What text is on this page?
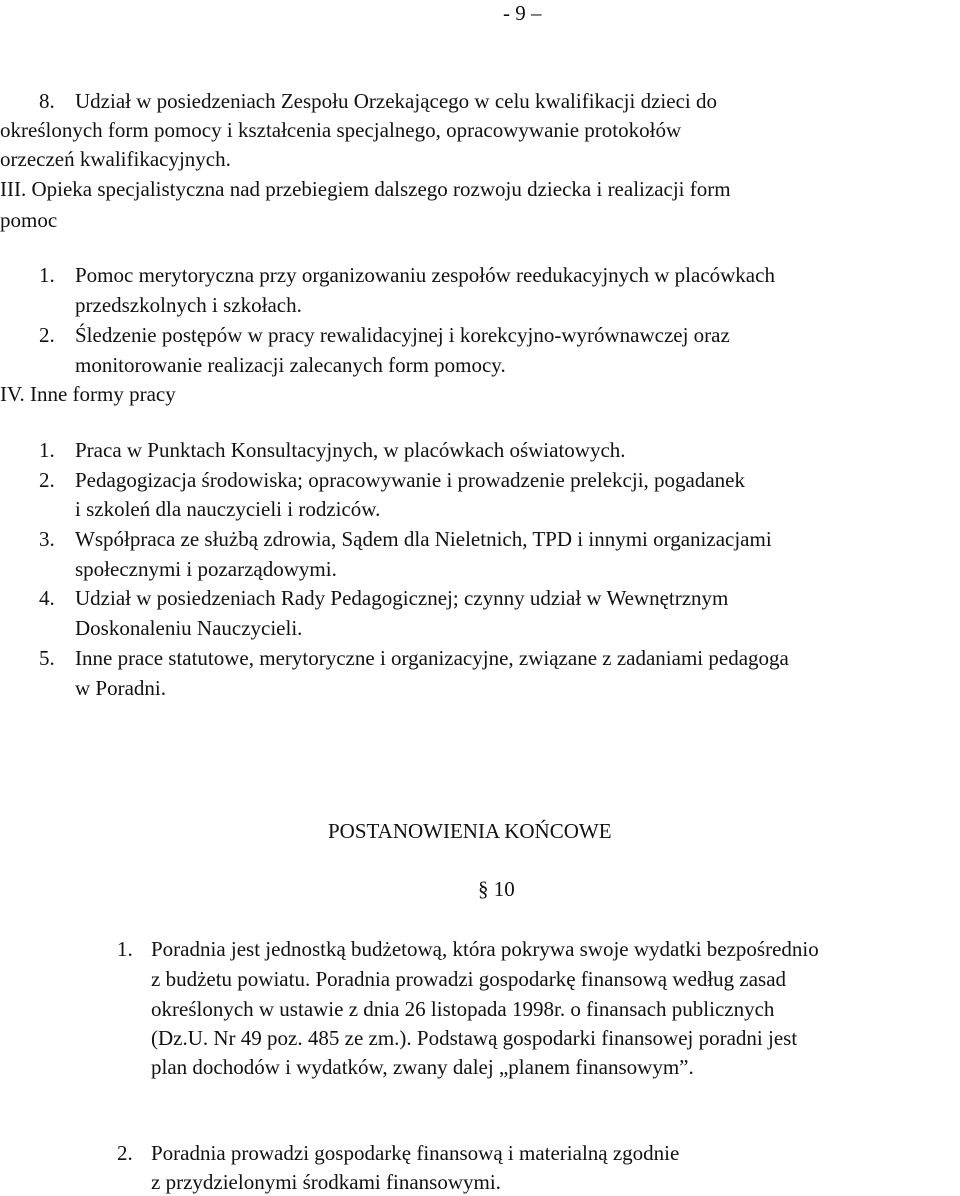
- 9 –
8. Udział w posiedzeniach Zespołu Orzekającego w celu kwalifikacji dzieci do
określonych form pomocy i kształcenia specjalnego, opracowywanie protokołów
orzeczeń kwalifikacyjnych.
III. Opieka specjalistyczna nad przebiegiem dalszego rozwoju dziecka i realizacji form
pomoc
1. Pomoc merytoryczna przy organizowaniu zespołów reedukacyjnych w placówkach
przedszkolnych i szkołach.
2. Śledzenie postępów w pracy rewalidacyjnej i korekcyjno-wyrównawczej oraz
monitorowanie realizacji zalecanych form pomocy.
IV. Inne formy pracy
1. Praca w Punktach Konsultacyjnych, w placówkach oświatowych.
2. Pedagogizacja środowiska; opracowywanie i prowadzenie prelekcji, pogadanek
i szkoleń dla nauczycieli i rodziców.
3. Współpraca ze służbą zdrowia, Sądem dla Nieletnich, TPD i innymi organizacjami
społecznymi i pozarządowymi.
4. Udział w posiedzeniach Rady Pedagogicznej; czynny udział w Wewnętrznym
Doskonaleniu Nauczycieli.
5. Inne prace statutowe, merytoryczne i organizacyjne, związane z zadaniami pedagoga
w Poradni.
POSTANOWIENIA KOŃCOWE
§ 10
1. Poradnia jest jednostką budżetową, która pokrywa swoje wydatki bezpośrednio
z budżetu powiatu. Poradnia prowadzi gospodarkę finansową według zasad
określonych w ustawie z dnia 26 listopada 1998r. o finansach publicznych
(Dz.U. Nr 49 poz. 485 ze zm.). Podstawą gospodarki finansowej poradni jest
plan dochodów i wydatków, zwany dalej „planem finansowym”.
2. Poradnia prowadzi gospodarkę finansową i materialną zgodnie
z przydzielonymi środkami finansowymi.
